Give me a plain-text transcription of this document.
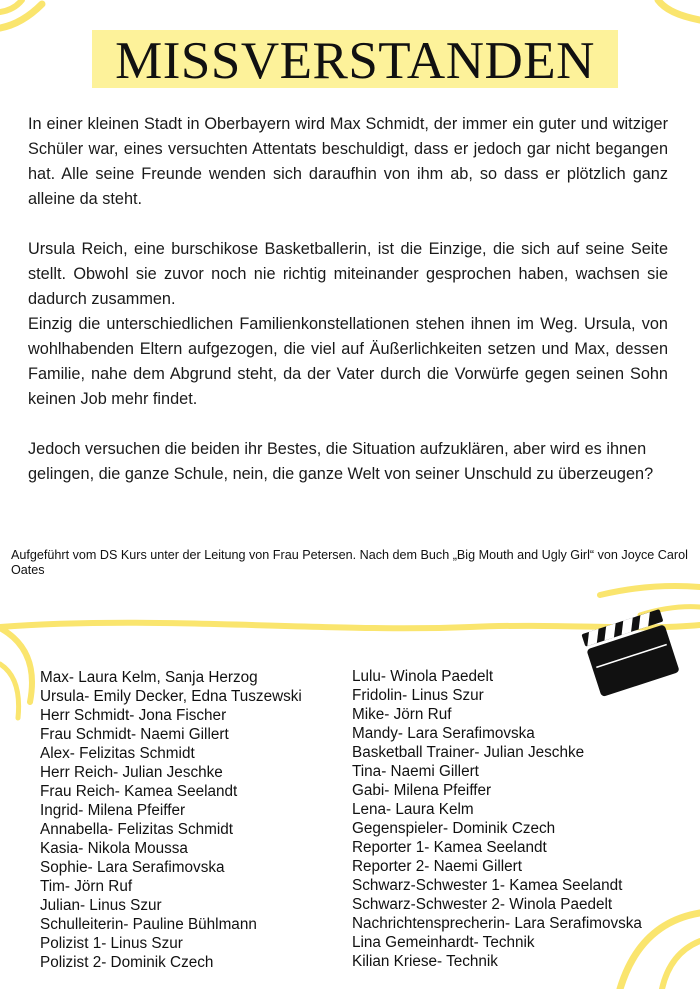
MISSVERSTANDEN

In einer kleinen Stadt in Oberbayern wird Max Schmidt, der immer ein guter und witziger Schüler war, eines versuchten Attentats beschuldigt, dass er jedoch gar nicht begangen hat. Alle seine Freunde wenden sich daraufhin von ihm ab, so dass er plötzlich ganz alleine da steht.

Ursula Reich, eine burschikose Basketballerin, ist die Einzige, die sich auf seine Seite stellt. Obwohl sie zuvor noch nie richtig miteinander gesprochen haben, wachsen sie dadurch zusammen.

Einzig die unterschiedlichen Familienkonstellationen stehen ihnen im Weg. Ursula, von wohlhabenden Eltern aufgezogen, die viel auf Äußerlichkeiten setzen und Max, dessen Familie, nahe dem Abgrund steht, da der Vater durch die Vorwürfe gegen seinen Sohn keinen Job mehr findet.

Jedoch versuchen die beiden ihr Bestes, die Situation aufzuklären, aber wird es ihnen gelingen, die ganze Schule, nein, die ganze Welt von seiner Unschuld zu überzeugen?

Aufgeführt vom DS Kurs unter der Leitung von Frau Petersen. Nach dem Buch „Big Mouth and Ugly Girl“ von Joyce Carol Oates
Max- Laura Kelm, Sanja Herzog
Ursula- Emily Decker, Edna Tuszewski
Herr Schmidt- Jona Fischer
Frau Schmidt- Naemi Gillert
Alex- Felizitas Schmidt
Herr Reich- Julian Jeschke
Frau Reich- Kamea Seelandt
Ingrid- Milena Pfeiffer
Annabella- Felizitas Schmidt
Kasia- Nikola Moussa
Sophie- Lara Serafimovska
Tim- Jörn Ruf
Julian- Linus Szur
Schulleiterin- Pauline Bühlmann
Polizist 1- Linus Szur
Polizist 2- Dominik Czech
Lulu- Winola Paedelt
Fridolin- Linus Szur
Mike- Jörn Ruf
Mandy- Lara Serafimovska
Basketball Trainer- Julian Jeschke
Tina- Naemi Gillert
Gabi- Milena Pfeiffer
Lena- Laura Kelm
Gegenspieler- Dominik Czech
Reporter 1- Kamea Seelandt
Reporter 2- Naemi Gillert
Schwarz-Schwester 1- Kamea Seelandt
Schwarz-Schwester 2- Winola Paedelt
Nachrichtensprecherin- Lara Serafimovska
Lina Gemeinhardt- Technik
Kilian Kriese- Technik
